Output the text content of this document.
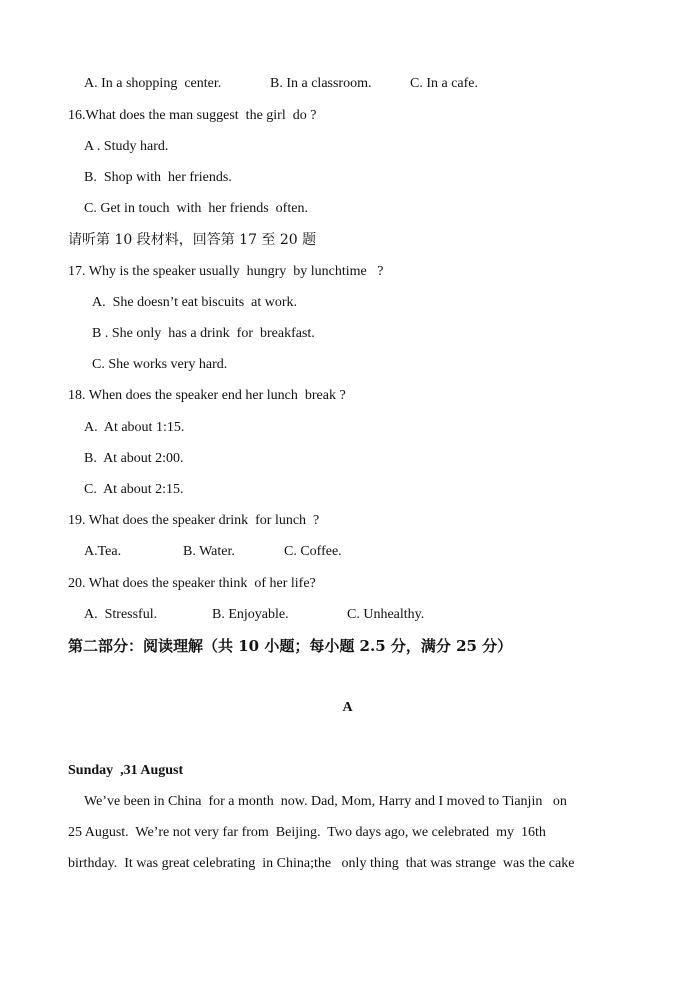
A. In a shopping  center.

	B. In a classroom.

	C. In a cafe.

16.What does the man suggest  the girl  do ?
A . Study hard.
B.  Shop with  her friends.
C. Get in touch  with  her friends  often.
请听第 10 段材料，回答第 17 至 20 题
17. Why is the speaker usually  hungry  by lunchtime   ?
A.  She doesn’t eat biscuits  at work.
B . She only  has a drink  for  breakfast.
C. She works very hard.
18. When does the speaker end her lunch  break ?
A.  At about 1:15.
B.  At about 2:00.
C.  At about 2:15.
19. What does the speaker drink  for lunch  ?

A.Tea.

	B. Water.

	C. Coffee.

20. What does the speaker think  of her life?

A.  Stressful.

	B. Enjoyable.

	C. Unhealthy.

第二部分：阅读理解（共 10 小题；每小题 2.5 分，满分 25 分）
A
Sunday  ,31 August
We’ve been in China  for a month  now. Dad, Mom, Harry and I moved to Tianjin   on
25 August.  We’re not very far from  Beijing.  Two days ago, we celebrated  my  16th
birthday.  It was great celebrating  in China;the   only thing  that was strange  was the cake
